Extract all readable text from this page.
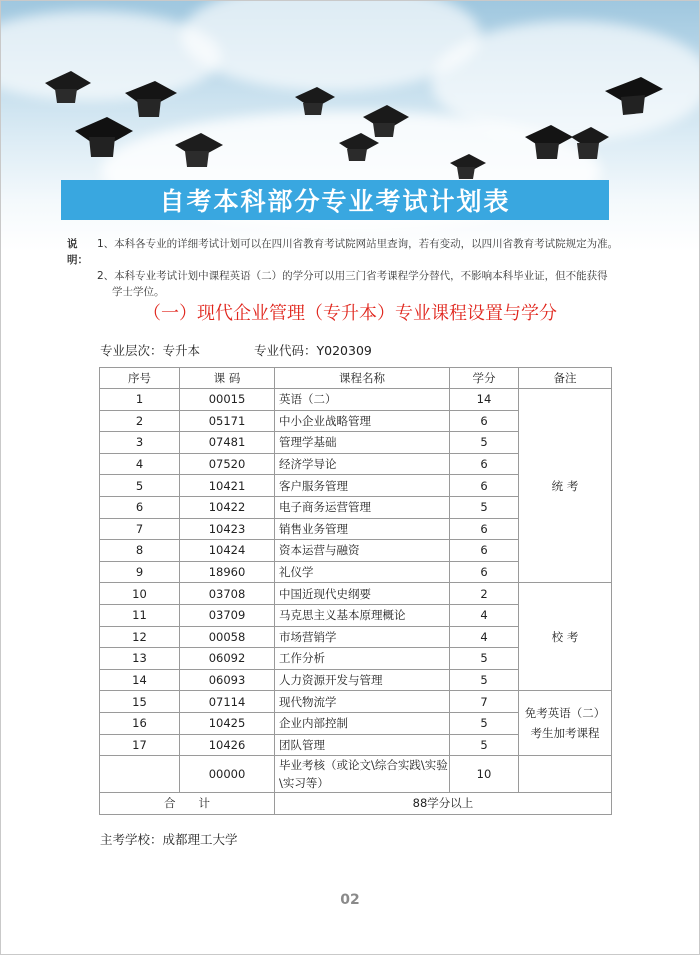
自考本科部分专业考试计划表
说明：
1、本科各专业的详细考试计划可以在四川省教育考试院网站里查询，若有变动，以四川省教育考试院规定为准。
2、本科专业考试计划中课程英语（二）的学分可以用三门省考课程学分替代，不影响本科毕业证，但不能获得
学士学位。
（一）现代企业管理（专升本）专业课程设置与学分
专业层次：专升本	专业代码：Y020309
序号	课 码	课程名称	学分	备注
1	00015	英语（二）	14	统 考
2	05171	中小企业战略管理	6	
3	07481	管理学基础	5	
4	07520	经济学导论	6	
5	10421	客户服务管理	6	
6	10422	电子商务运营管理	5	
7	10423	销售业务管理	6	
8	10424	资本运营与融资	6	
9	18960	礼仪学	6	
10	03708	中国近现代史纲要	2	校 考
11	03709	马克思主义基本原理概论	4	
12	00058	市场营销学	4	
13	06092	工作分析	5	
14	06093	人力资源开发与管理	5	
15	07114	现代物流学	7	免考英语（二）
考生加考课程

16	10425	企业内部控制	5	
17	10426	团队管理	5	
	00000	毕业考核（或论文\综合实践\实验
\实习等）	10	
合　　计		88学分以上		
主考学校：成都理工大学
02
